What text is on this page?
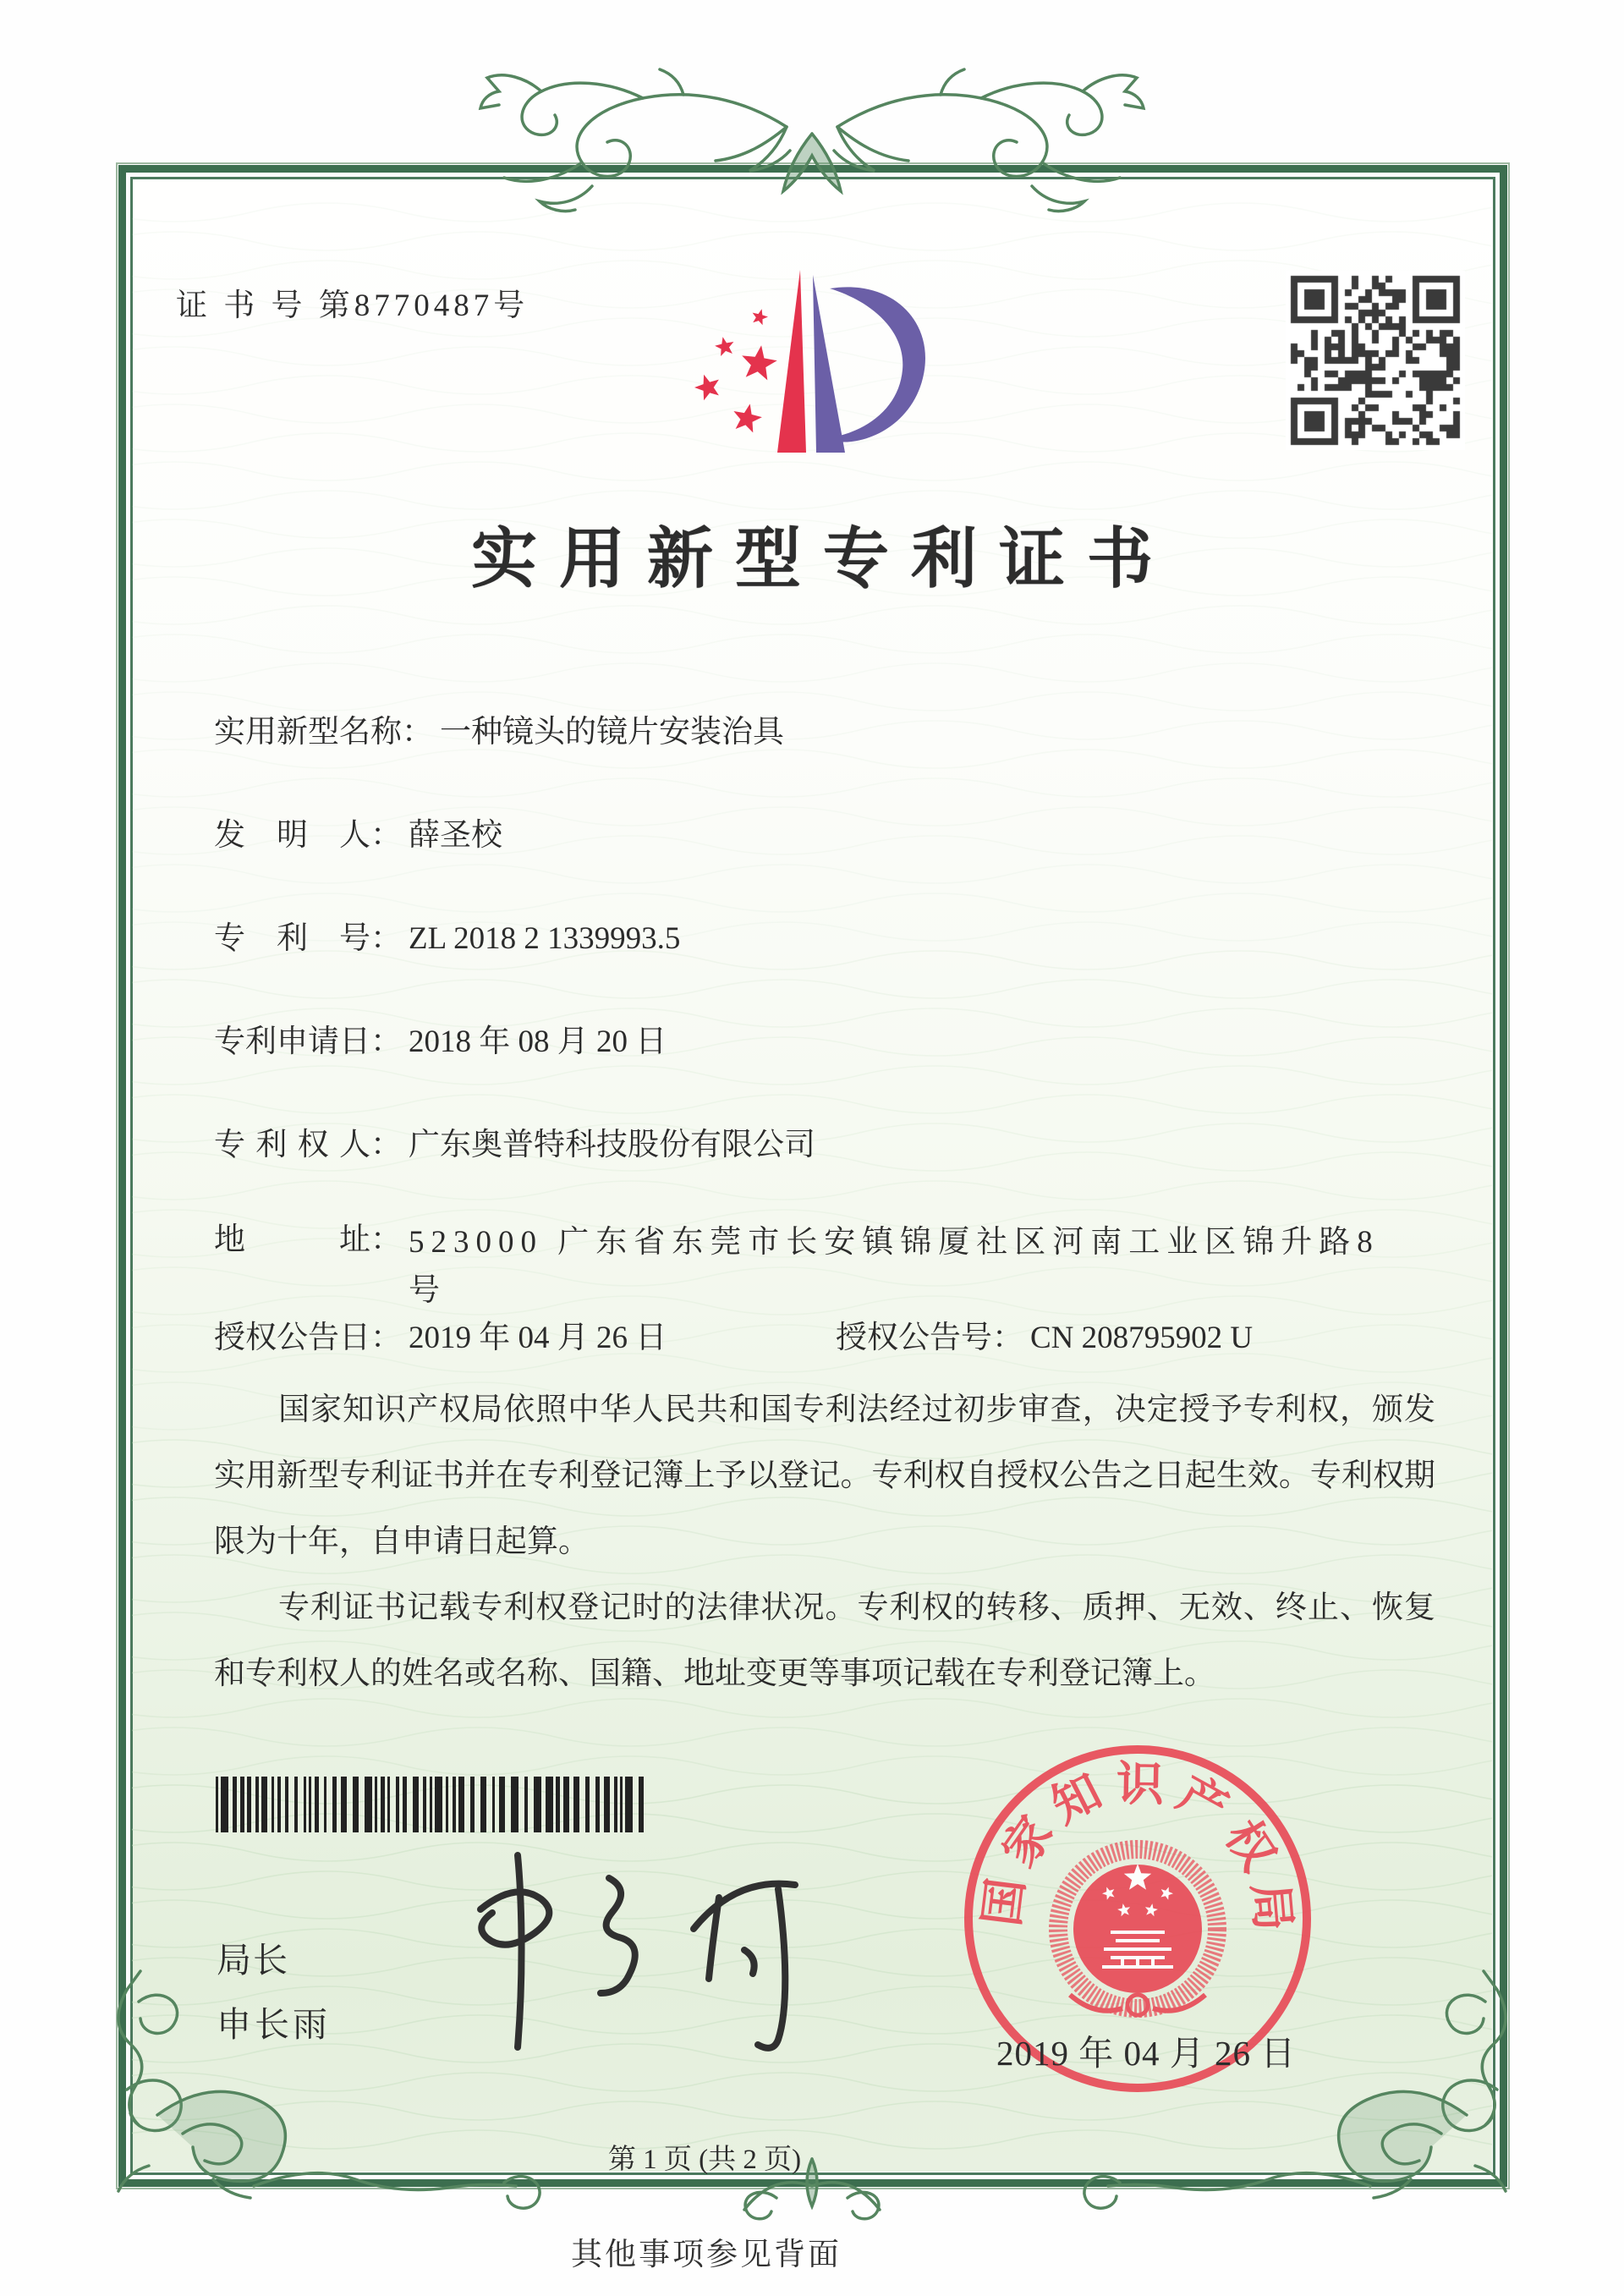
证 书 号 第8770487号
实用新型专利证书
实用新型名称： 一种镜头的镜片安装治具
发明人： 薛圣校
专利号： ZL 2018 2 1339993.5
专利申请日： 2018 年 08 月 20 日
专利权人： 广东奥普特科技股份有限公司
地址： 523000 广东省东莞市长安镇锦厦社区河南工业区锦升路8号
授权公告日： 2019 年 04 月 26 日	授权公告号： CN 208795902 U

国家知识产权局依照中华人民共和国专利法经过初步审查，决定授予专利权，颁发实用新型专利证书并在专利登记簿上予以登记。专利权自授权公告之日起生效。专利权期限为十年，自申请日起算。

专利证书记载专利权登记时的法律状况。专利权的转移、质押、无效、终止、恢复和专利权人的姓名或名称、国籍、地址变更等事项记载在专利登记簿上。

局长
申长雨
国
家
知 识 产
权
局
2019 年 04 月 26 日
第 1 页 (共 2 页)
其他事项参见背面
